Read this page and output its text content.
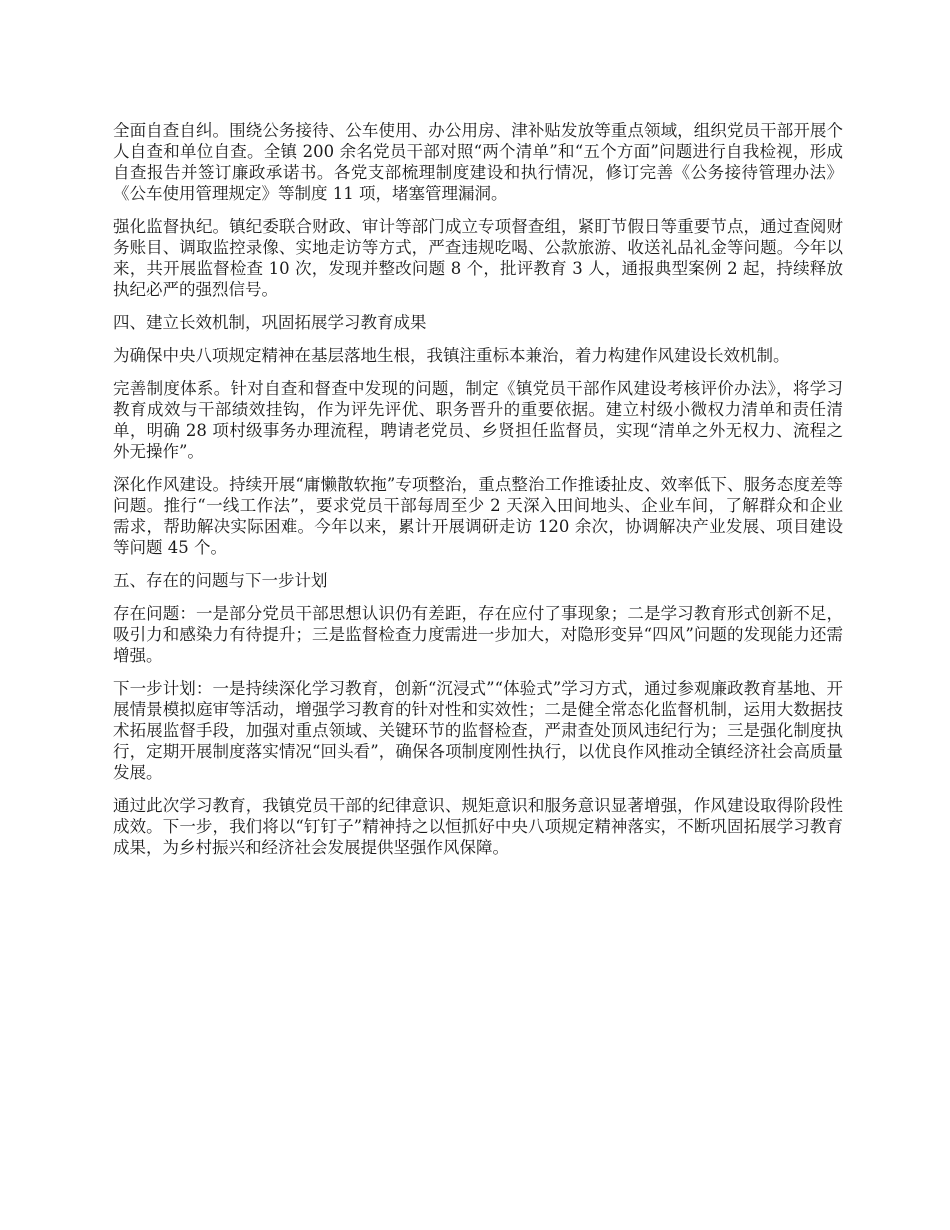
全面自查自纠。围绕公务接待、公车使用、办公用房、津补贴发放等重点领域，组织党员干部开展个人自查和单位自查。全镇 200 余名党员干部对照“两个清单”和“五个方面”问题进行自我检视，形成自查报告并签订廉政承诺书。各党支部梳理制度建设和执行情况，修订完善《公务接待管理办法》《公车使用管理规定》等制度 11 项，堵塞管理漏洞。

强化监督执纪。镇纪委联合财政、审计等部门成立专项督查组，紧盯节假日等重要节点，通过查阅财务账目、调取监控录像、实地走访等方式，严查违规吃喝、公款旅游、收送礼品礼金等问题。今年以来，共开展监督检查 10 次，发现并整改问题 8 个，批评教育 3 人，通报典型案例 2 起，持续释放执纪必严的强烈信号。

四、建立长效机制，巩固拓展学习教育成果

为确保中央八项规定精神在基层落地生根，我镇注重标本兼治，着力构建作风建设长效机制。

完善制度体系。针对自查和督查中发现的问题，制定《镇党员干部作风建设考核评价办法》，将学习教育成效与干部绩效挂钩，作为评先评优、职务晋升的重要依据。建立村级小微权力清单和责任清单，明确 28 项村级事务办理流程，聘请老党员、乡贤担任监督员，实现“清单之外无权力、流程之外无操作”。

深化作风建设。持续开展“庸懒散软拖”专项整治，重点整治工作推诿扯皮、效率低下、服务态度差等问题。推行“一线工作法”，要求党员干部每周至少 2 天深入田间地头、企业车间，了解群众和企业需求，帮助解决实际困难。今年以来，累计开展调研走访 120 余次，协调解决产业发展、项目建设等问题 45 个。

五、存在的问题与下一步计划

存在问题：一是部分党员干部思想认识仍有差距，存在应付了事现象；二是学习教育形式创新不足，吸引力和感染力有待提升；三是监督检查力度需进一步加大，对隐形变异“四风”问题的发现能力还需增强。

下一步计划：一是持续深化学习教育，创新“沉浸式”“体验式”学习方式，通过参观廉政教育基地、开展情景模拟庭审等活动，增强学习教育的针对性和实效性；二是健全常态化监督机制，运用大数据技术拓展监督手段，加强对重点领域、关键环节的监督检查，严肃查处顶风违纪行为；三是强化制度执行，定期开展制度落实情况“回头看”，确保各项制度刚性执行，以优良作风推动全镇经济社会高质量发展。

通过此次学习教育，我镇党员干部的纪律意识、规矩意识和服务意识显著增强，作风建设取得阶段性成效。下一步，我们将以“钉钉子”精神持之以恒抓好中央八项规定精神落实，不断巩固拓展学习教育成果，为乡村振兴和经济社会发展提供坚强作风保障。
